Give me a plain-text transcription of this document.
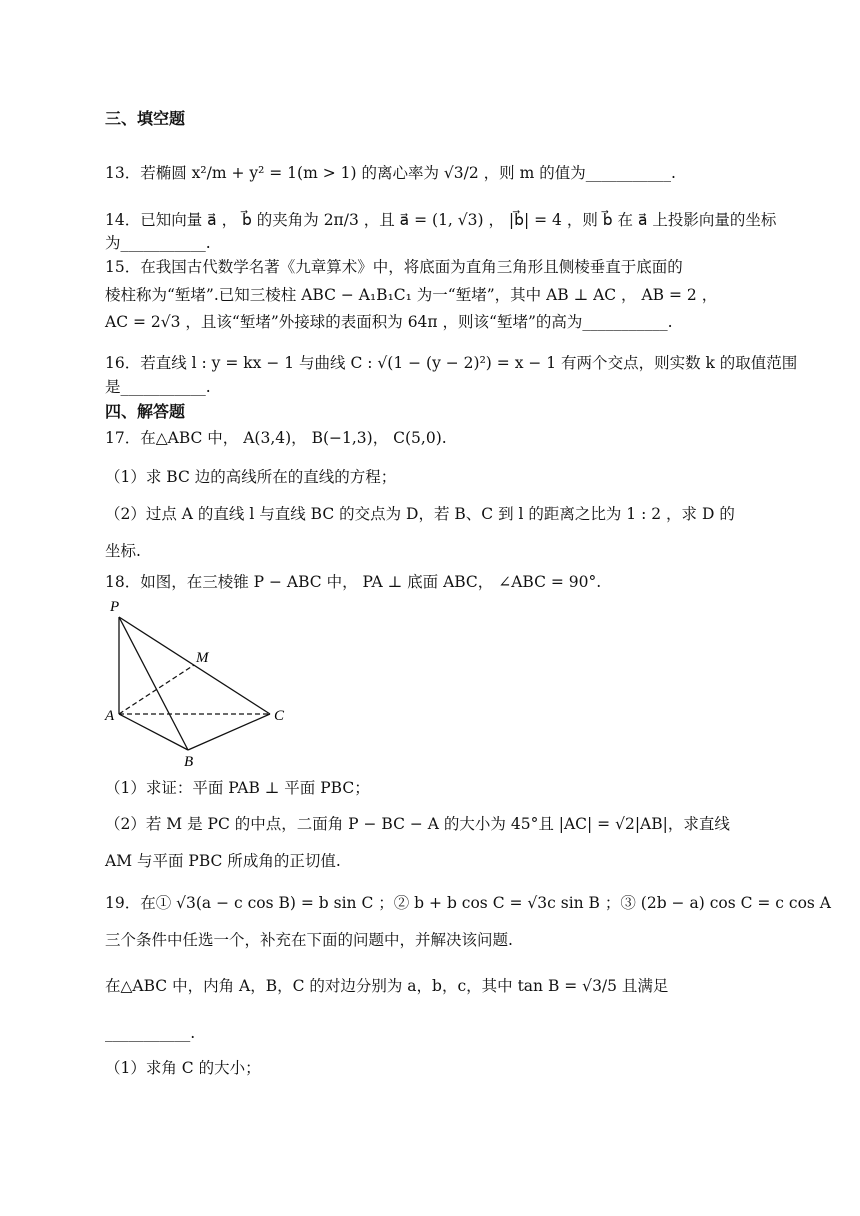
三、填空题
13．若椭圆 x²/m + y² = 1(m > 1) 的离心率为 √3/2 ，则 m 的值为___________.
14．已知向量 a⃗ ， b⃗ 的夹角为 2π/3 ，且 a⃗ = (1, √3) ， |b⃗| = 4 ，则 b⃗ 在 a⃗ 上投影向量的坐标
为___________.
15．在我国古代数学名著《九章算术》中，将底面为直角三角形且侧棱垂直于底面的
棱柱称为“堑堵”.已知三棱柱 ABC − A₁B₁C₁ 为一“堑堵”，其中 AB ⊥ AC ， AB = 2 ，
AC = 2√3 ，且该“堑堵”外接球的表面积为 64π ，则该“堑堵”的高为___________.
16．若直线 l : y = kx − 1 与曲线 C : √(1 − (y − 2)²) = x − 1 有两个交点，则实数 k 的取值范围
是___________.
四、解答题
17．在△ABC 中， A(3,4)， B(−1,3)， C(5,0).
（1）求 BC 边的高线所在的直线的方程；
（2）过点 A 的直线 l 与直线 BC 的交点为 D，若 B、C 到 l 的距离之比为 1 : 2 ，求 D 的
坐标.
18．如图，在三棱锥 P − ABC 中， PA ⊥ 底面 ABC， ∠ABC = 90°.
P
M
A
B
C
（1）求证：平面 PAB ⊥ 平面 PBC；
（2）若 M 是 PC 的中点，二面角 P − BC − A 的大小为 45°且 |AC| = √2|AB|，求直线
AM 与平面 PBC 所成角的正切值.
19．在① √3(a − c cos B) = b sin C ；② b + b cos C = √3c sin B ；③ (2b − a) cos C = c cos A
三个条件中任选一个，补充在下面的问题中，并解决该问题.
在△ABC 中，内角 A，B，C 的对边分别为 a，b，c，其中 tan B = √3/5 且满足
___________.
（1）求角 C 的大小；
